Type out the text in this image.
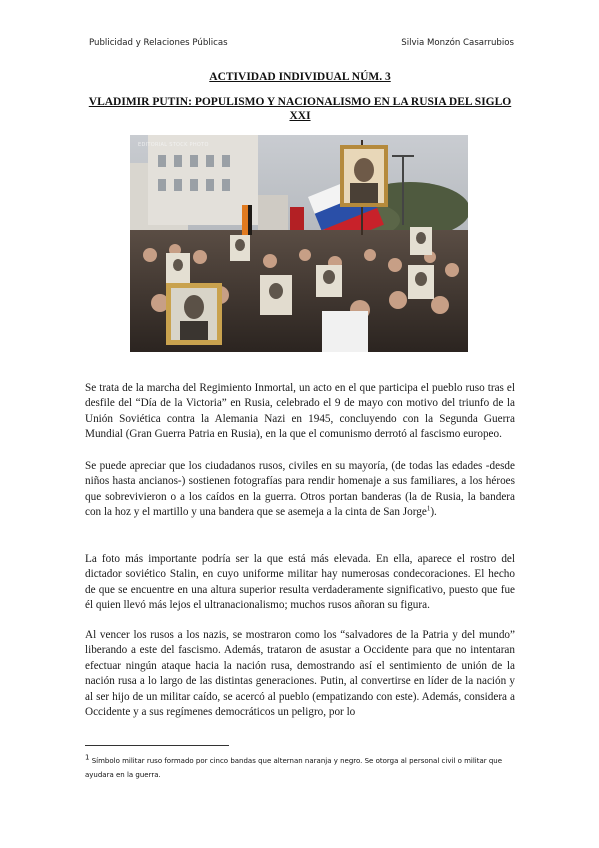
Publicidad y Relaciones Públicas	Silvia Monzón Casarrubios
ACTIVIDAD INDIVIDUAL NÚM. 3
VLADIMIR PUTIN: POPULISMO Y NACIONALISMO EN LA RUSIA DEL SIGLO XXI
EDITORIAL STOCK PHOTO

Se trata de la marcha del Regimiento Inmortal, un acto en el que participa el pueblo ruso tras el desfile del “Día de la Victoria” en Rusia, celebrado el 9 de mayo con motivo del triunfo de la Unión Soviética contra la Alemania Nazi en 1945, concluyendo con la Segunda Guerra Mundial (Gran Guerra Patria en Rusia), en la que el comunismo derrotó al fascismo europeo.

Se puede apreciar que los ciudadanos rusos, civiles en su mayoría, (de todas las edades -desde niños hasta ancianos-) sostienen fotografías para rendir homenaje a sus familiares, a los héroes que sobrevivieron o a los caídos en la guerra. Otros portan banderas (la de Rusia, la bandera con la hoz y el martillo y una bandera que se asemeja a la cinta de San Jorge$^1$).

La foto más importante podría ser la que está más elevada. En ella, aparece el rostro del dictador soviético Stalin, en cuyo uniforme militar hay numerosas condecoraciones. El hecho de que se encuentre en una altura superior resulta verdaderamente significativo, puesto que fue él quien llevó más lejos el ultranacionalismo; muchos rusos añoran su figura.

Al vencer los rusos a los nazis, se mostraron como los “salvadores de la Patria y del mundo” liberando a este del fascismo. Además, trataron de asustar a Occidente para que no intentaran efectuar ningún ataque hacia la nación rusa, demostrando así el sentimiento de unión de la nación rusa a lo largo de las distintas generaciones. Putin, al convertirse en líder de la nación y al ser hijo de un militar caído, se acercó al pueblo (empatizando con este). Además, considera a Occidente y a sus regímenes democráticos un peligro, por lo

1 Símbolo militar ruso formado por cinco bandas que alternan naranja y negro. Se otorga al personal civil o militar que ayudara en la guerra.
